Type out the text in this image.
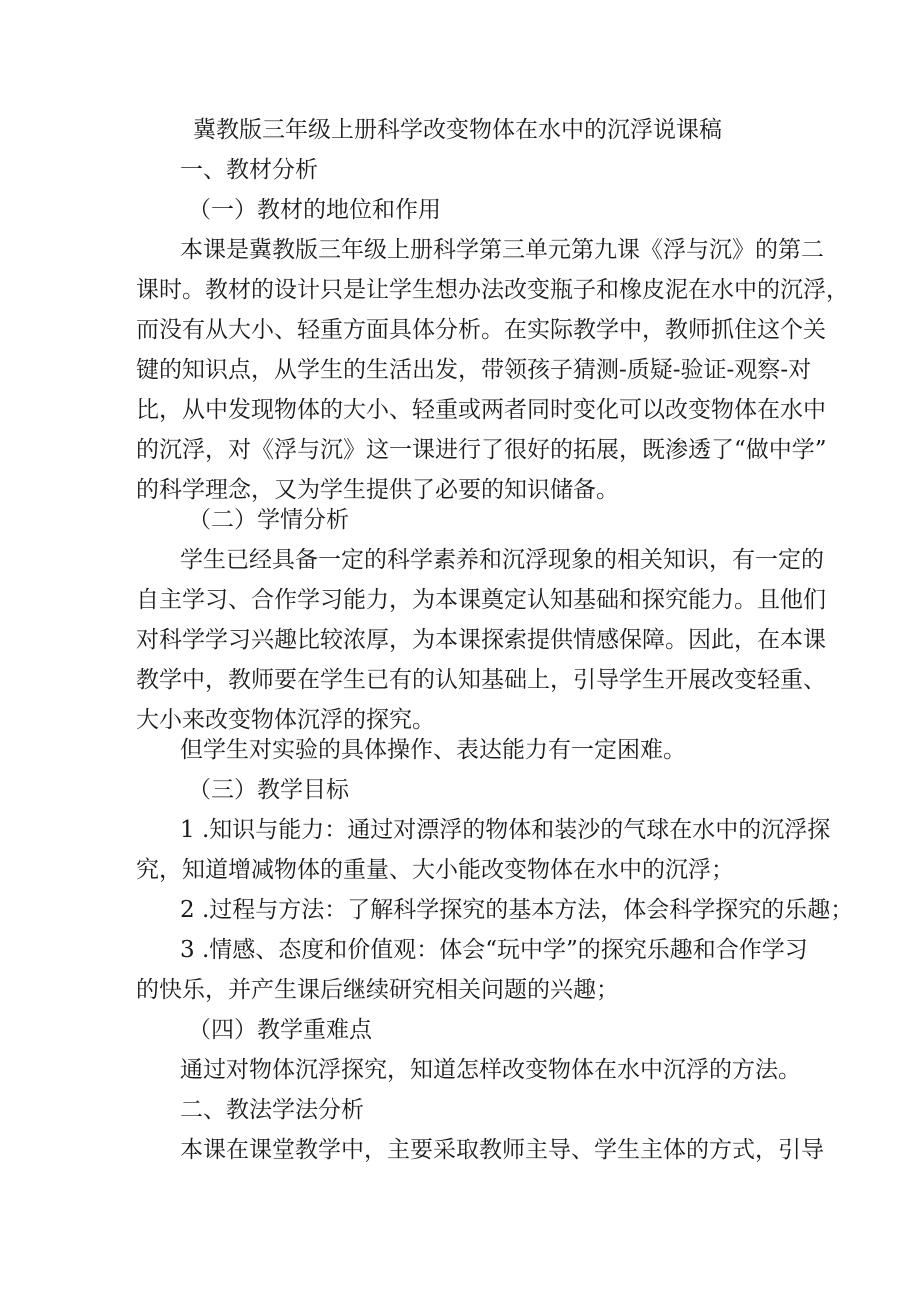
冀教版三年级上册科学改变物体在水中的沉浮说课稿
一、教材分析
（一）教材的地位和作用
本课是冀教版三年级上册科学第三单元第九课《浮与沉》的第二
课时。教材的设计只是让学生想办法改变瓶子和橡皮泥在水中的沉浮，
而没有从大小、轻重方面具体分析。在实际教学中，教师抓住这个关
键的知识点，从学生的生活出发，带领孩子猜测-质疑-验证-观察-对
比，从中发现物体的大小、轻重或两者同时变化可以改变物体在水中
的沉浮，对《浮与沉》这一课进行了很好的拓展，既渗透了“做中学”
的科学理念，又为学生提供了必要的知识储备。
（二）学情分析
学生已经具备一定的科学素养和沉浮现象的相关知识，有一定的
自主学习、合作学习能力，为本课奠定认知基础和探究能力。且他们
对科学学习兴趣比较浓厚，为本课探索提供情感保障。因此，在本课
教学中，教师要在学生已有的认知基础上，引导学生开展改变轻重、
大小来改变物体沉浮的探究。
但学生对实验的具体操作、表达能力有一定困难。
（三）教学目标
1 .知识与能力：通过对漂浮的物体和装沙的气球在水中的沉浮探
究，知道增减物体的重量、大小能改变物体在水中的沉浮；
2 .过程与方法：了解科学探究的基本方法，体会科学探究的乐趣；
3 .情感、态度和价值观：体会“玩中学”的探究乐趣和合作学习
的快乐，并产生课后继续研究相关问题的兴趣；
（四）教学重难点
通过对物体沉浮探究，知道怎样改变物体在水中沉浮的方法。
二、教法学法分析
本课在课堂教学中，主要采取教师主导、学生主体的方式，引导
